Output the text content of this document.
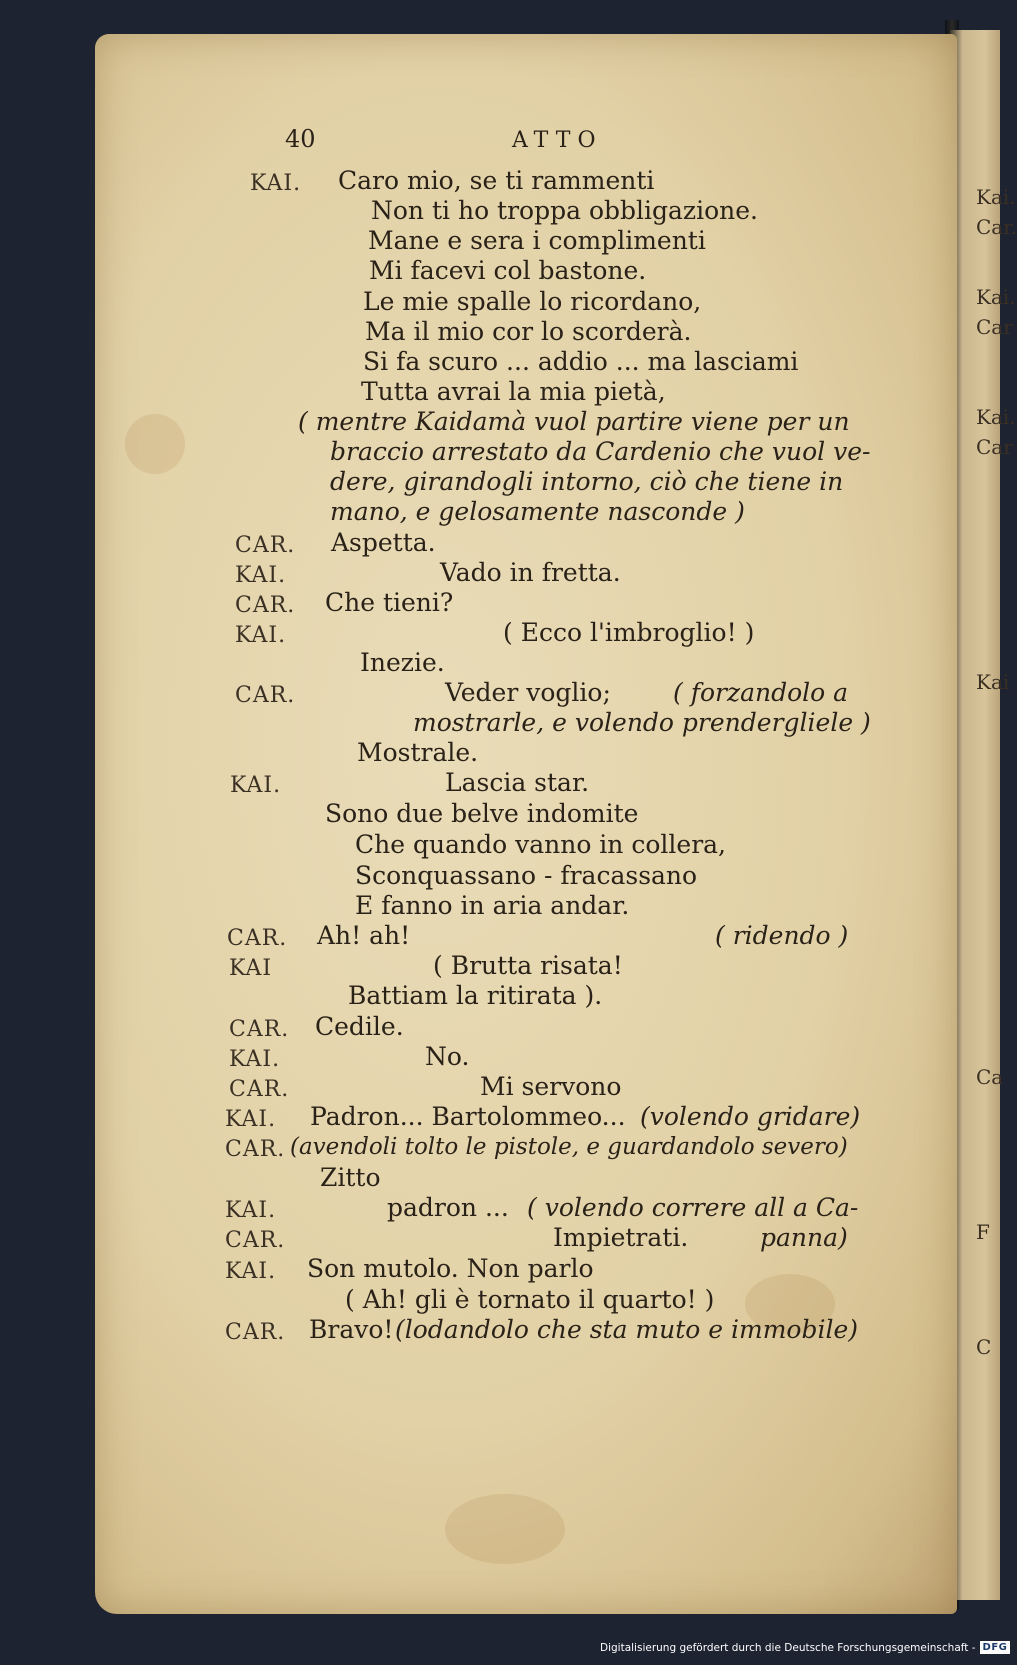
Kai.
Car.
Kai.
Car
Kai.
Car
Kai
Ca
F
C
40	ATTO
KAI. Caro mio, se ti rammenti
Non ti ho troppa obbligazione.
Mane e sera i complimenti
Mi facevi col bastone.
Le mie spalle lo ricordano,
Ma il mio cor lo scorderà.
Si fa scuro ... addio ... ma lasciami
Tutta avrai la mia pietà,
( mentre Kaidamà vuol partire viene per un
braccio arrestato da Cardenio che vuol ve-
dere, girandogli intorno, ciò che tiene in
mano, e gelosamente nasconde )
CAR. Aspetta.
KAI.	Vado in fretta.
CAR. Che tieni?
KAI.	( Ecco l'imbroglio! )
Inezie.
CAR.	Veder voglio; ( forzandolo a
mostrarle, e volendo prendergliele )
Mostrale.
KAI.	Lascia star.
Sono due belve indomite
Che quando vanno in collera,
Sconquassano - fracassano
E fanno in aria andar.
CAR. Ah! ah!	( ridendo )
KAI	( Brutta risata!
Battiam la ritirata ).
CAR. Cedile.
KAI.	No.
CAR.	Mi servono
KAI. Padron... Bartolommeo... (volendo gridare)
CAR. (avendoli tolto le pistole, e guardandolo severo)
Zitto
KAI.	padron ... ( volendo correre all a Ca-
CAR.	Impietrati.	panna)
KAI. Son mutolo. Non parlo
( Ah! gli è tornato il quarto! )
CAR. Bravo! (lodandolo che sta muto e immobile)
Digitalisierung gefördert durch die Deutsche Forschungsgemeinschaft - DFG
